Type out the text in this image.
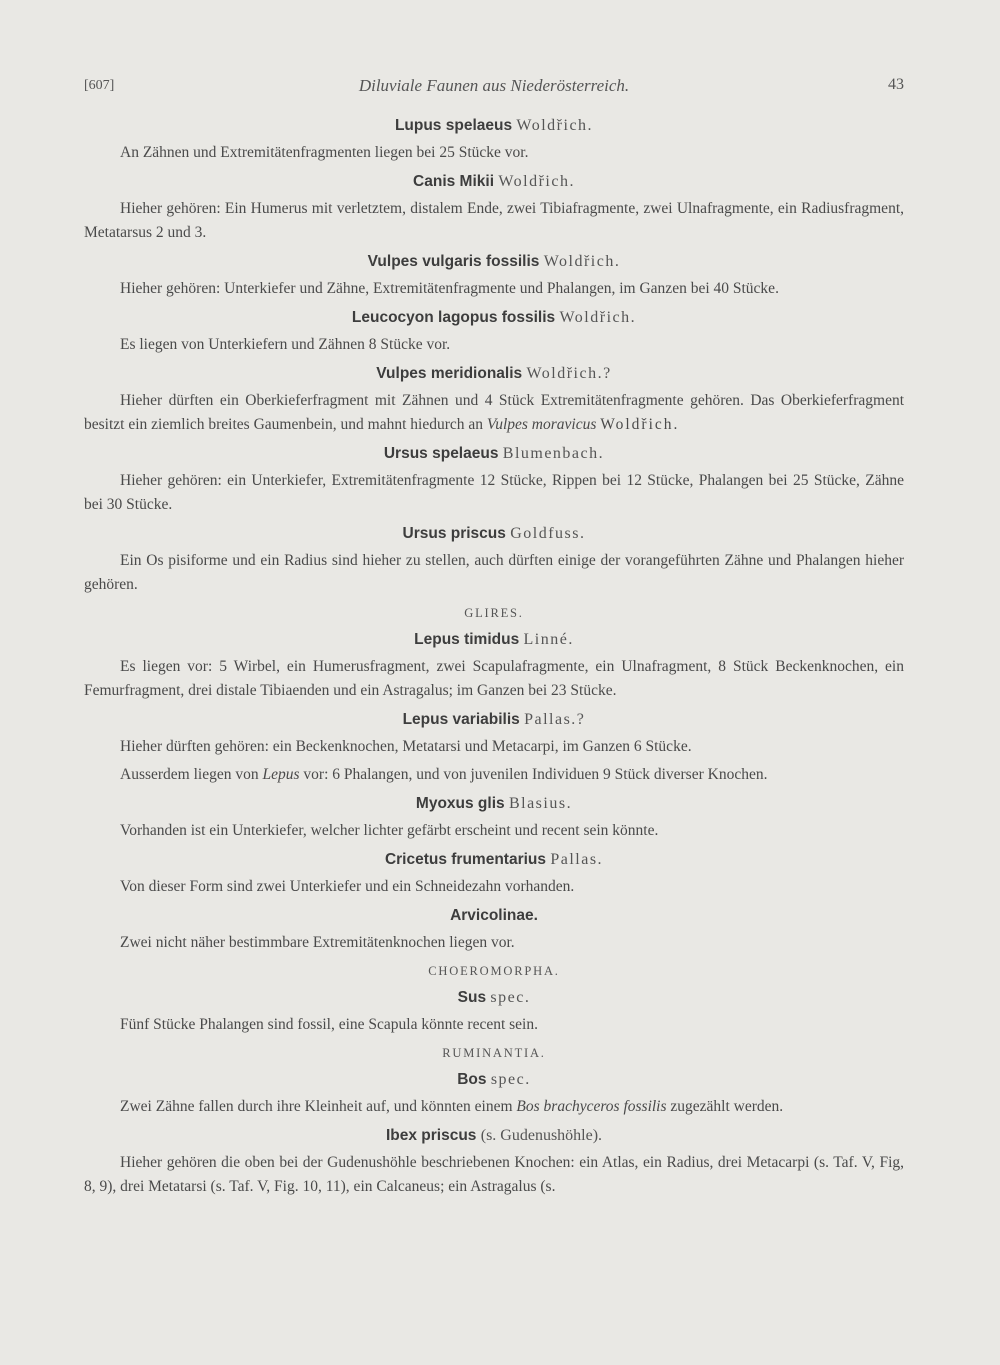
[607]	Diluviale Faunen aus Niederösterreich.	43
Lupus spelaeus Woldřich.

An Zähnen und Extremitätenfragmenten liegen bei 25 Stücke vor.

Canis Mikii Woldřich.

Hieher gehören: Ein Humerus mit verletztem, distalem Ende, zwei Tibiafragmente, zwei Ulnafragmente, ein Radiusfragment, Metatarsus 2 und 3.

Vulpes vulgaris fossilis Woldřich.

Hieher gehören: Unterkiefer und Zähne, Extremitätenfragmente und Phalangen, im Ganzen bei 40 Stücke.

Leucocyon lagopus fossilis Woldřich.

Es liegen von Unterkiefern und Zähnen 8 Stücke vor.

Vulpes meridionalis Woldřich.?

Hieher dürften ein Oberkieferfragment mit Zähnen und 4 Stück Extremitätenfragmente gehören. Das Oberkieferfragment besitzt ein ziemlich breites Gaumenbein, und mahnt hiedurch an Vulpes moravicus Woldřich.

Ursus spelaeus Blumenbach.

Hieher gehören: ein Unterkiefer, Extremitätenfragmente 12 Stücke, Rippen bei 12 Stücke, Phalangen bei 25 Stücke, Zähne bei 30 Stücke.

Ursus priscus Goldfuss.

Ein Os pisiforme und ein Radius sind hieher zu stellen, auch dürften einige der vorangeführten Zähne und Phalangen hieher gehören.

GLIRES.
Lepus timidus Linné.

Es liegen vor: 5 Wirbel, ein Humerusfragment, zwei Scapulafragmente, ein Ulnafragment, 8 Stück Beckenknochen, ein Femurfragment, drei distale Tibiaenden und ein Astragalus; im Ganzen bei 23 Stücke.

Lepus variabilis Pallas.?

Hieher dürften gehören: ein Beckenknochen, Metatarsi und Metacarpi, im Ganzen 6 Stücke.

Ausserdem liegen von Lepus vor: 6 Phalangen, und von juvenilen Individuen 9 Stück diverser Knochen.

Myoxus glis Blasius.

Vorhanden ist ein Unterkiefer, welcher lichter gefärbt erscheint und recent sein könnte.

Cricetus frumentarius Pallas.

Von dieser Form sind zwei Unterkiefer und ein Schneidezahn vorhanden.

Arvicolinae.

Zwei nicht näher bestimmbare Extremitätenknochen liegen vor.

CHOEROMORPHA.
Sus spec.

Fünf Stücke Phalangen sind fossil, eine Scapula könnte recent sein.

RUMINANTIA.
Bos spec.

Zwei Zähne fallen durch ihre Kleinheit auf, und könnten einem Bos brachyceros fossilis zugezählt werden.

Ibex priscus (s. Gudenushöhle).

Hieher gehören die oben bei der Gudenushöhle beschriebenen Knochen: ein Atlas, ein Radius, drei Metacarpi (s. Taf. V, Fig, 8, 9), drei Metatarsi (s. Taf. V, Fig. 10, 11), ein Calcaneus; ein Astragalus (s.
